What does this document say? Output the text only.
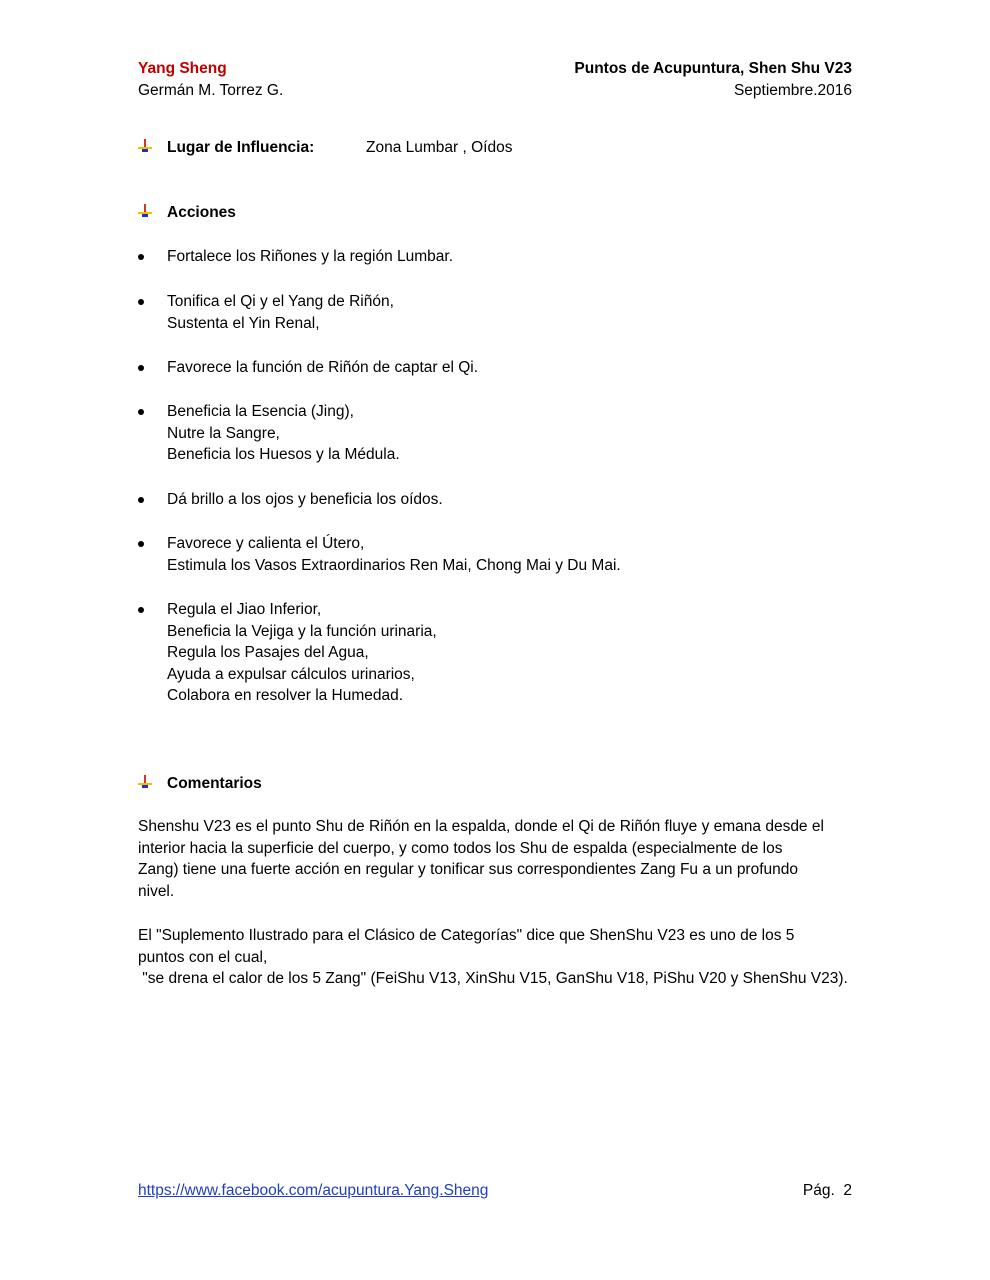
Yang Sheng
Germán M. Torrez G.
Puntos de Acupuntura, Shen Shu V23
Septiembre.2016
Lugar de Influencia:	Zona Lumbar , Oídos
Acciones
Fortalece los Riñones y la región Lumbar.
Tonifica el Qi y el Yang de Riñón,
Sustenta el Yin Renal,
Favorece la función de Riñón de captar el Qi.
Beneficia la Esencia (Jing),
Nutre la Sangre,
Beneficia los Huesos y la Médula.
Dá brillo a los ojos y beneficia los oídos.
Favorece y calienta el Útero,
Estimula los Vasos Extraordinarios Ren Mai, Chong Mai y Du Mai.
Regula el Jiao Inferior,
Beneficia la Vejiga y la función urinaria,
Regula los Pasajes del Agua,
Ayuda a expulsar cálculos urinarios,
Colabora en resolver la Humedad.
Comentarios
Shenshu V23 es el punto Shu de Riñón en la espalda, donde el Qi de Riñón fluye y emana desde el
interior hacia la superficie del cuerpo, y como todos los Shu de espalda (especialmente de los
Zang) tiene una fuerte acción en regular y tonificar sus correspondientes Zang Fu a un profundo
nivel.
El "Suplemento Ilustrado para el Clásico de Categorías" dice que ShenShu V23 es uno de los 5
puntos con el cual,
"se drena el calor de los 5 Zang" (FeiShu V13, XinShu V15, GanShu V18, PiShu V20 y ShenShu V23).
https://www.facebook.com/acupuntura.Yang.Sheng	Pág.  2
